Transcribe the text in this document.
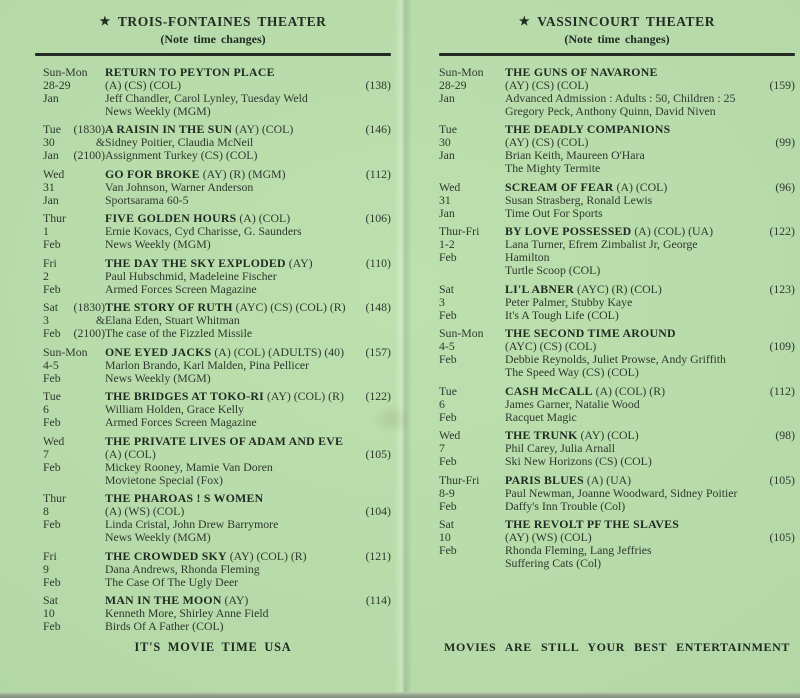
★ TROIS-FONTAINES THEATER
(Note time changes)
Sun-Mon
28-29
Jan
RETURN TO PEYTON PLACE
(A) (CS) (COL)	(138)
Jeff Chandler, Carol Lynley, Tuesday Weld
News Weekly (MGM)
Tue (1830)
30	&
Jan (2100)
A RAISIN IN THE SUN (AY) (COL)	(146)
Sidney Poitier, Claudia McNeil
Assignment Turkey (CS) (COL)
Wed
31
Jan
GO FOR BROKE (AY) (R) (MGM)	(112)
Van Johnson, Warner Anderson
Sportsarama 60-5
Thur
1
Feb
FIVE GOLDEN HOURS (A) (COL)	(106)
Ernie Kovacs, Cyd Charisse, G. Saunders
News Weekly (MGM)
Fri
2
Feb
THE DAY THE SKY EXPLODED (AY)	(110)
Paul Hubschmid, Madeleine Fischer
Armed Forces Screen Magazine
Sat (1830)
3	&
Feb (2100)
THE STORY OF RUTH (AYC) (CS) (COL) (R) (148)
Elana Eden, Stuart Whitman
The case of the Fizzled Missile
Sun-Mon
4-5
Feb
ONE EYED JACKS (A) (COL) (ADULTS) (40) (157)
Marlon Brando, Karl Malden, Pina Pellicer
News Weekly (MGM)
Tue
6
Feb
THE BRIDGES AT TOKO-RI (AY) (COL) (R) (122)
William Holden, Grace Kelly
Armed Forces Screen Magazine
Wed
7
Feb
THE PRIVATE LIVES OF ADAM AND EVE
(A) (COL)	(105)
Mickey Rooney, Mamie Van Doren
Movietone Special (Fox)
Thur
8
Feb
THE PHAROAS ! S WOMEN
(A) (WS) (COL)	(104)
Linda Cristal, John Drew Barrymore
News Weekly (MGM)
Fri
9
Feb
THE CROWDED SKY (AY) (COL) (R)	(121)
Dana Andrews, Rhonda Fleming
The Case Of The Ugly Deer
Sat
10
Feb
MAN IN THE MOON (AY)	(114)
Kenneth More, Shirley Anne Field
Birds Of A Father (COL)
IT'S MOVIE TIME USA
★ VASSINCOURT THEATER
(Note time changes)
Sun-Mon
28-29
Jan
THE GUNS OF NAVARONE
(AY) (CS) (COL)	(159)
Advanced Admission : Adults : 50, Children : 25
Gregory Peck, Anthony Quinn, David Niven
Tue
30
Jan
THE DEADLY COMPANIONS
(AY) (CS) (COL)	(99)
Brian Keith, Maureen O'Hara
The Mighty Termite
Wed
31
Jan
SCREAM OF FEAR (A) (COL)	(96)
Susan Strasberg, Ronald Lewis
Time Out For Sports
Thur-Fri
1-2
Feb
BY LOVE POSSESSED (A) (COL) (UA)	(122)
Lana Turner, Efrem Zimbalist Jr, George
Hamilton
Turtle Scoop (COL)
Sat
3
Feb
LI'L ABNER (AYC) (R) (COL)	(123)
Peter Palmer, Stubby Kaye
It's A Tough Life (COL)
Sun-Mon
4-5
Feb
THE SECOND TIME AROUND
(AYC) (CS) (COL)	(109)
Debbie Reynolds, Juliet Prowse, Andy Griffith
The Speed Way (CS) (COL)
Tue
6
Feb
CASH McCALL (A) (COL) (R)	(112)
James Garner, Natalie Wood
Racquet Magic
Wed
7
Feb
THE TRUNK (AY) (COL)	(98)
Phil Carey, Julia Arnall
Ski New Horizons (CS) (COL)
Thur-Fri
8-9
Feb
PARIS BLUES (A) (UA)	(105)
Paul Newman, Joanne Woodward, Sidney Poitier
Daffy's Inn Trouble (Col)
Sat
10
Feb
THE REVOLT PF THE SLAVES
(AY) (WS) (COL)	(105)
Rhonda Fleming, Lang Jeffries
Suffering Cats (Col)
MOVIES ARE STILL YOUR BEST ENTERTAINMENT
